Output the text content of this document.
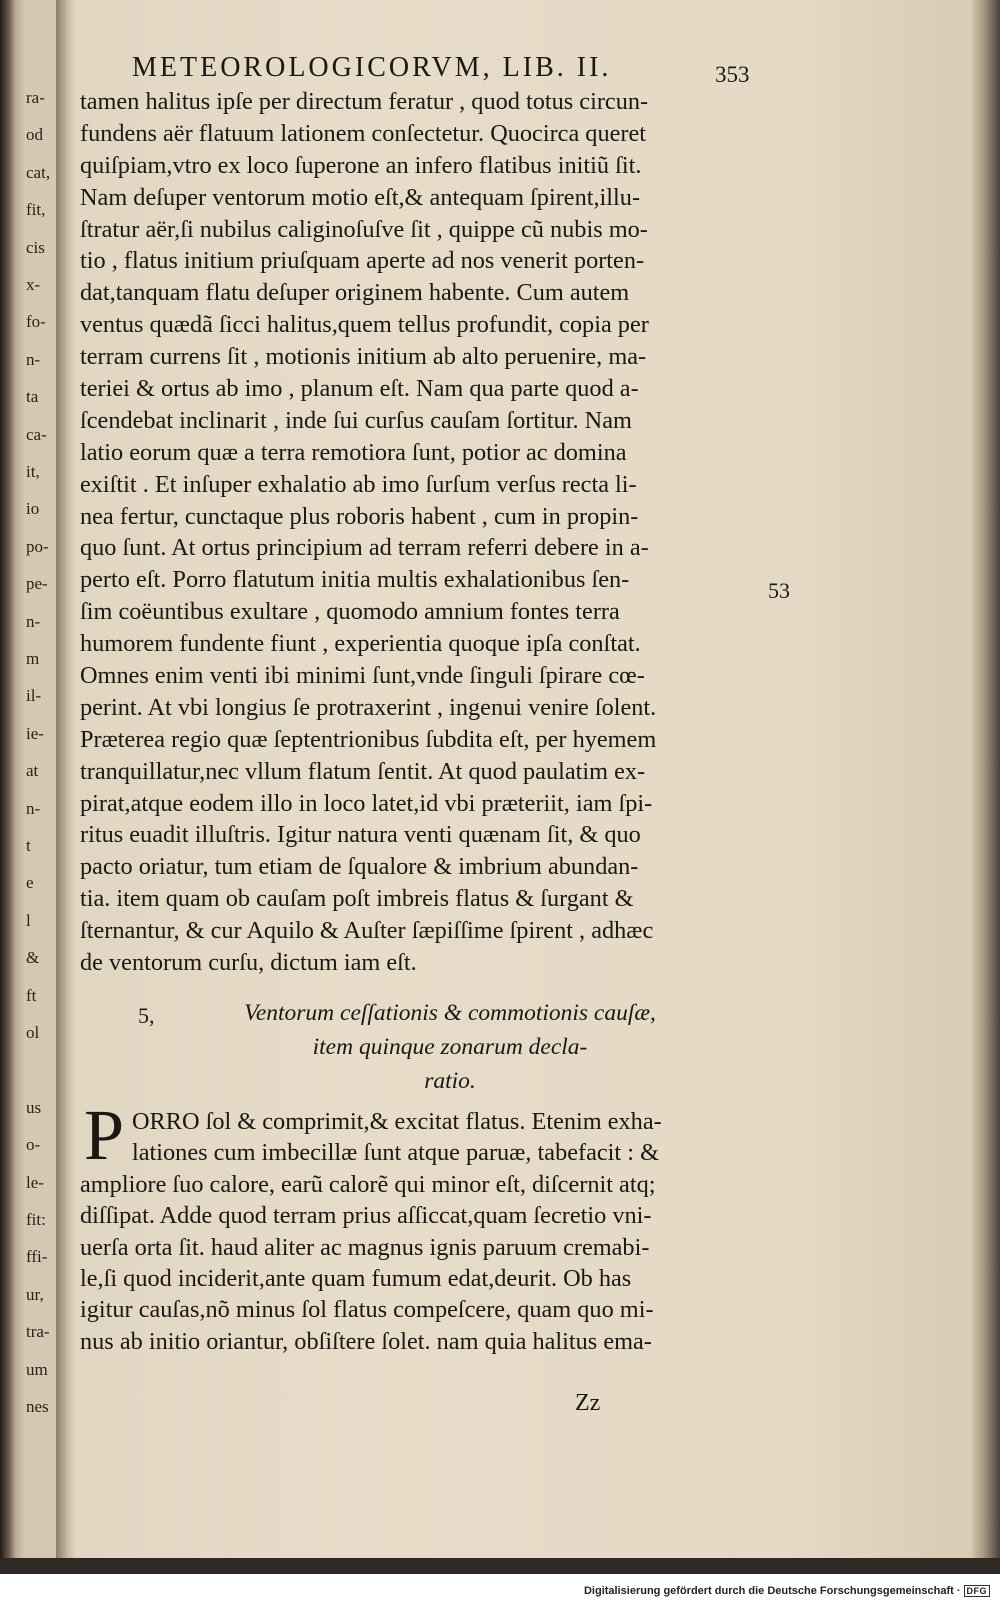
ra-
od
cat,
fit,
cis
x-
fo-
n-
ta
ca-
it,
io
po-
pe-
n-
m
il-
ie-
at
n-
t
e
l
&
ft
ol
us
o-
le-
fit:
ffi-
ur,
tra-
um
nes
METEOROLOGICORVM, LIB. II.	353
tamen halitus ipſe per directum feratur , quod totus circun-
fundens aër flatuum lationem conſectetur. Quocirca queret
quiſpiam,vtro ex loco ſuperone an infero flatibus initiũ ſit.
Nam deſuper ventorum motio eſt,& antequam ſpirent,illu-
ſtratur aër,ſi nubilus caliginoſuſve ſit , quippe cũ nubis mo-
tio , flatus initium priuſquam aperte ad nos venerit porten-
dat,tanquam flatu deſuper originem habente. Cum autem
ventus quædã ſicci halitus,quem tellus profundit, copia per
terram currens ſit , motionis initium ab alto peruenire, ma-
teriei & ortus ab imo , planum eſt. Nam qua parte quod a-
ſcendebat inclinarit , inde ſui curſus cauſam ſortitur. Nam
latio eorum quæ a terra remotiora ſunt, potior ac domina
exiſtit . Et inſuper exhalatio ab imo ſurſum verſus recta li-
nea fertur, cunctaque plus roboris habent , cum in propin-
quo ſunt. At ortus principium ad terram referri debere in a-
perto eſt. Porro flatutum initia multis exhalationibus ſen-
ſim coëuntibus exultare , quomodo amnium fontes terra
humorem fundente fiunt , experientia quoque ipſa conſtat.
Omnes enim venti ibi minimi ſunt,vnde ſinguli ſpirare cœ-
perint. At vbi longius ſe protraxerint , ingenui venire ſolent.
Præterea regio quæ ſeptentrionibus ſubdita eſt, per hyemem
tranquillatur,nec vllum flatum ſentit. At quod paulatim ex-
pirat,atque eodem illo in loco latet,id vbi præteriit, iam ſpi-
ritus euadit illuſtris. Igitur natura venti quænam ſit, & quo
pacto oriatur, tum etiam de ſqualore & imbrium abundan-
tia. item quam ob cauſam poſt imbreis flatus & ſurgant &
ſternantur, & cur Aquilo & Auſter ſæpiſſime ſpirent , adhæc
de ventorum curſu, dictum iam eſt.
53
5,	Ventorum ceſſationis & commotionis cauſæ,
item quinque zonarum decla-
ratio.
P ORRO ſol & comprimit,& excitat flatus. Etenim exha-
lationes cum imbecillæ ſunt atque paruæ, tabefacit : &
ampliore ſuo calore, earũ calorẽ qui minor eſt, diſcernit atq;
diſſipat. Adde quod terram prius aſſiccat,quam ſecretio vni-
uerſa orta ſit. haud aliter ac magnus ignis paruum cremabi-
le,ſi quod inciderit,ante quam fumum edat,deurit. Ob has
igitur cauſas,nõ minus ſol flatus compeſcere, quam quo mi-
nus ab initio oriantur, obſiſtere ſolet. nam quia halitus ema-
Zz
Digitalisierung gefördert durch die Deutsche Forschungsgemeinschaft · DFG
